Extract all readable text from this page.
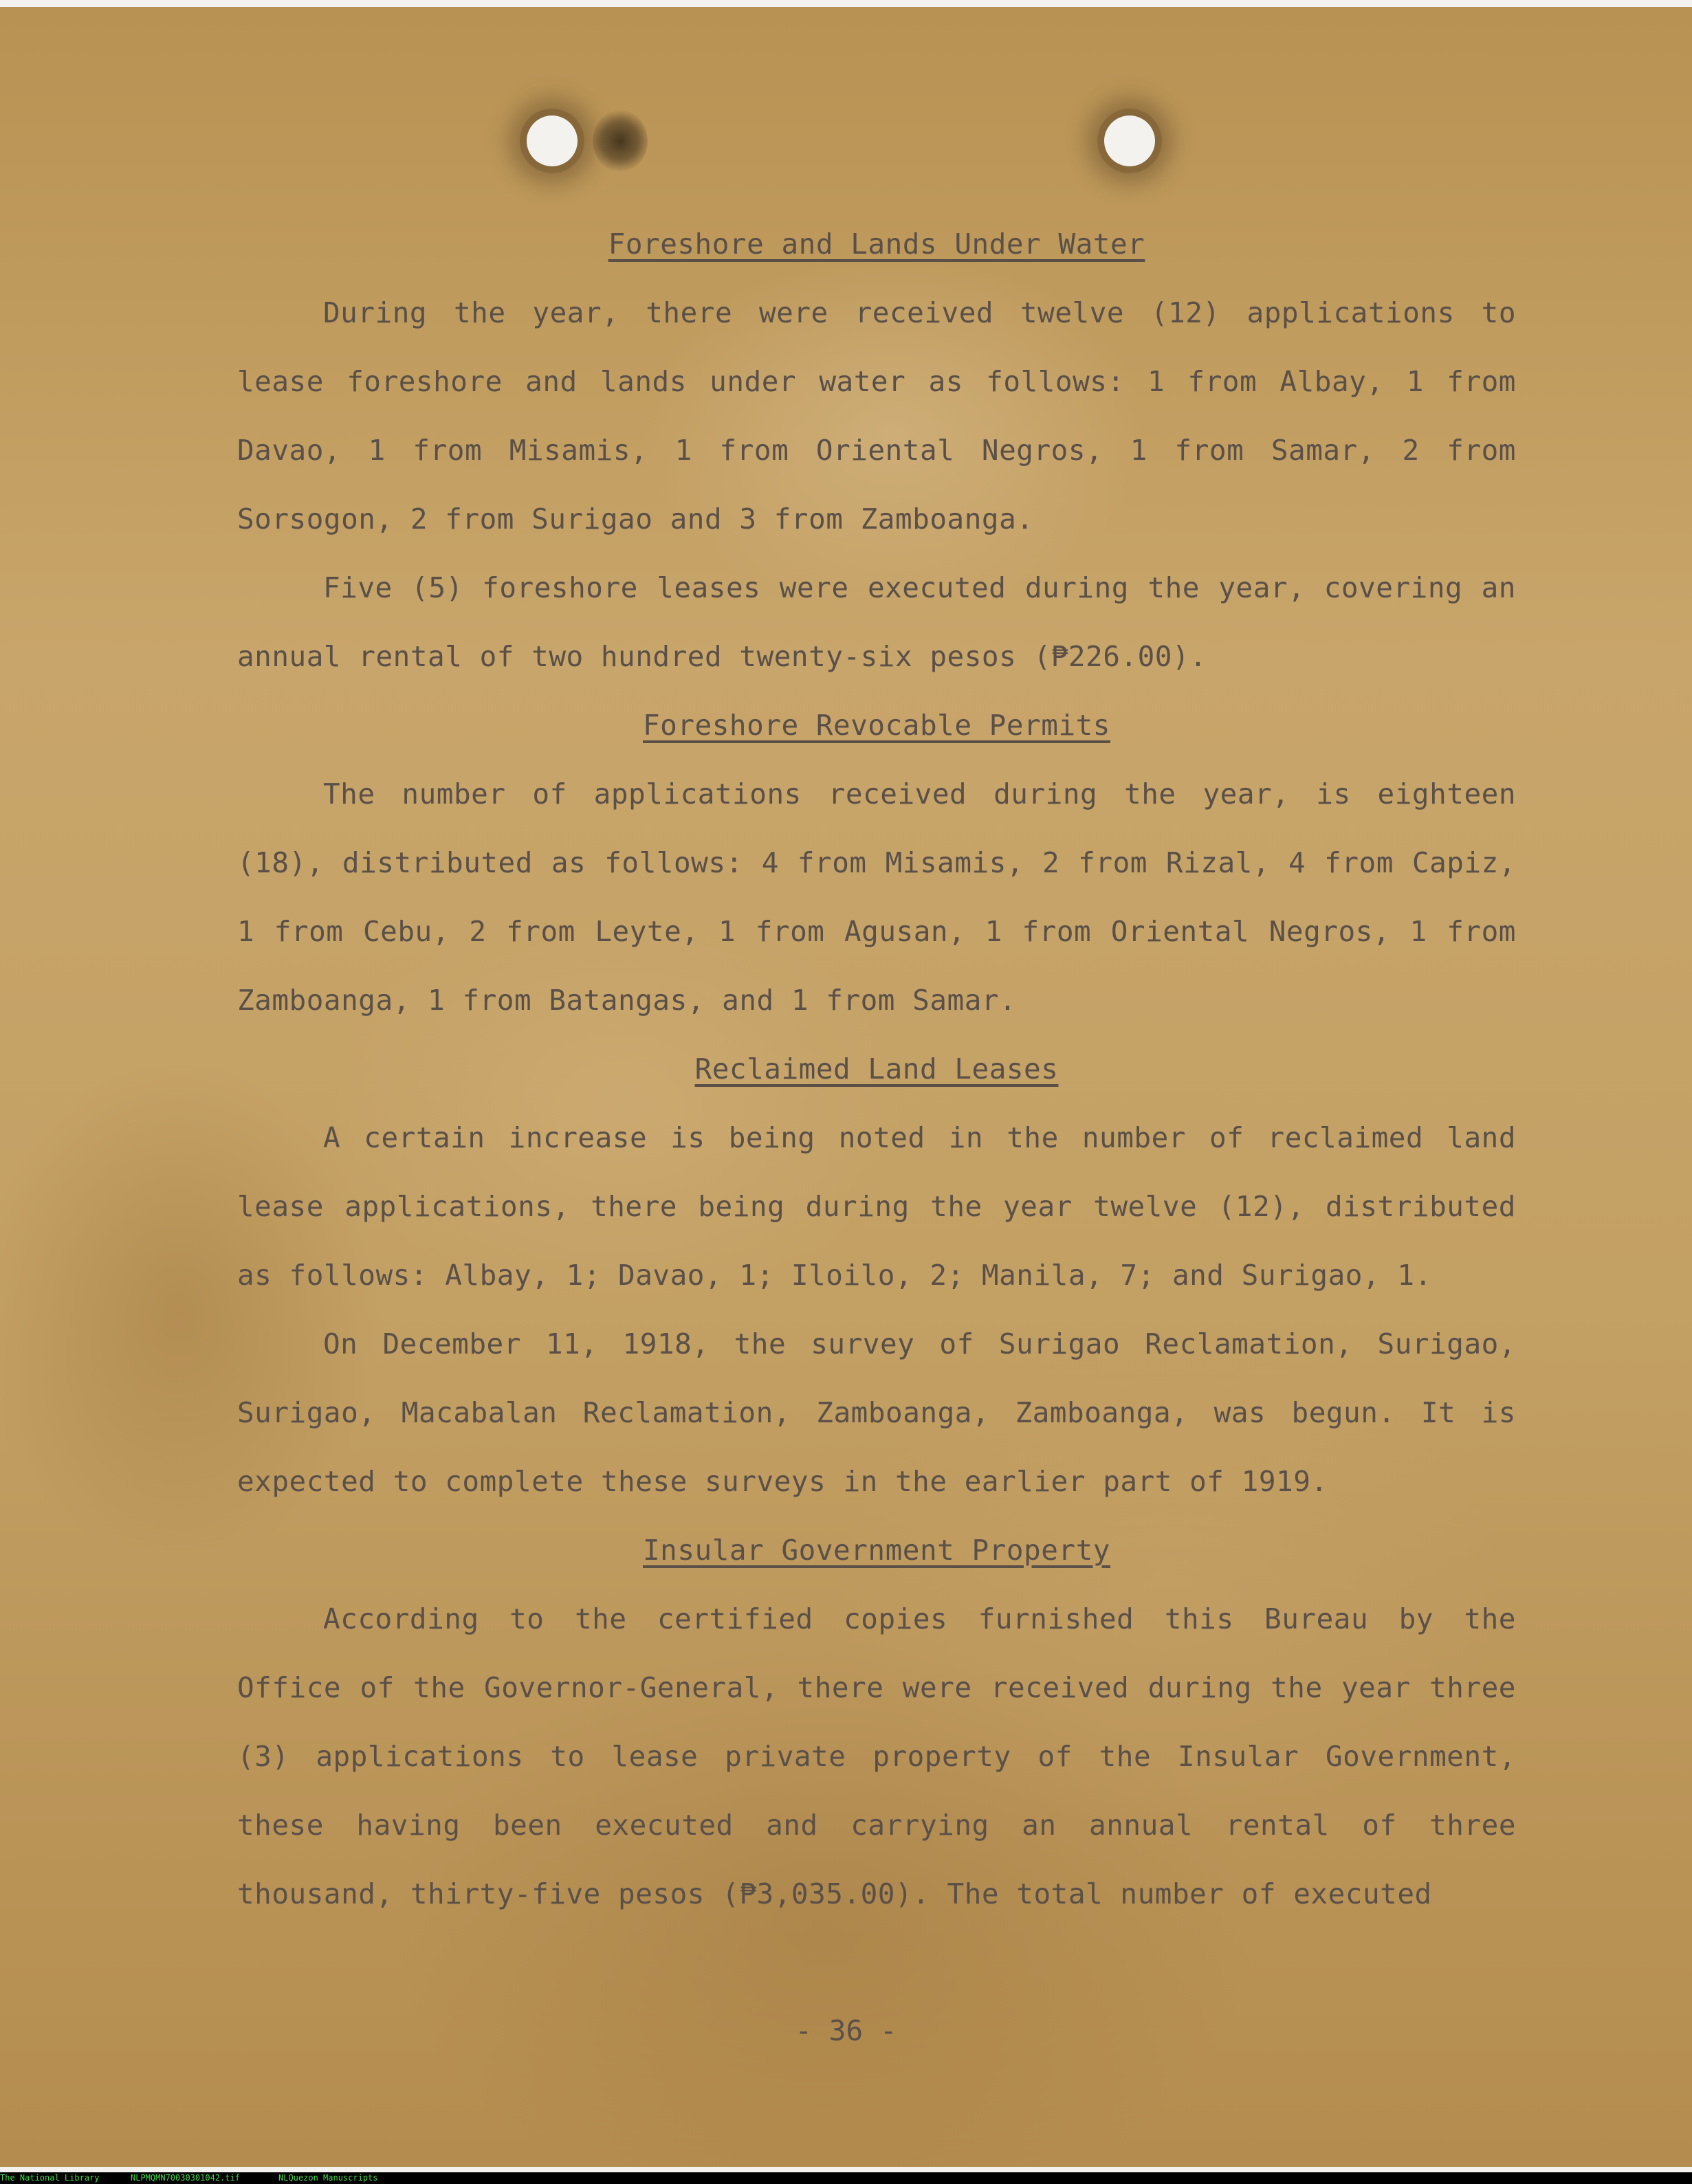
Foreshore and Lands Under Water

During the year, there were received twelve (12) applications to lease foreshore and lands under water as follows: 1 from Albay, 1 from Davao, 1 from Misamis, 1 from Oriental Negros, 1 from Samar, 2 from Sorsogon, 2 from Surigao and 3 from Zamboanga.

Five (5) foreshore leases were executed during the year, covering an annual rental of two hundred twenty-six pesos (₱226.00).

Foreshore Revocable Permits

The number of applications received during the year, is eighteen (18), distributed as follows: 4 from Misamis, 2 from Rizal, 4 from Capiz, 1 from Cebu, 2 from Leyte, 1 from Agusan, 1 from Oriental Negros, 1 from Zamboanga, 1 from Batangas, and 1 from Samar.

Reclaimed Land Leases

A certain increase is being noted in the number of reclaimed land lease applications, there being during the year twelve (12), distributed as follows: Albay, 1; Davao, 1; Iloilo, 2; Manila, 7; and Surigao, 1.

On December 11, 1918, the survey of Surigao Reclamation, Surigao, Surigao, Macabalan Reclamation, Zamboanga, Zamboanga, was begun. It is expected to complete these surveys in the earlier part of 1919.

Insular Government Property

According to the certified copies furnished this Bureau by the Office of the Governor-General, there were received during the year three (3) applications to lease private property of the Insular Government, these having been executed and carrying an annual rental of three thousand, thirty-five pesos (₱3,035.00). The total number of executed

- 36 -
The National Library	NLPMQMN70030301042.tif	NLQuezon Manuscripts
